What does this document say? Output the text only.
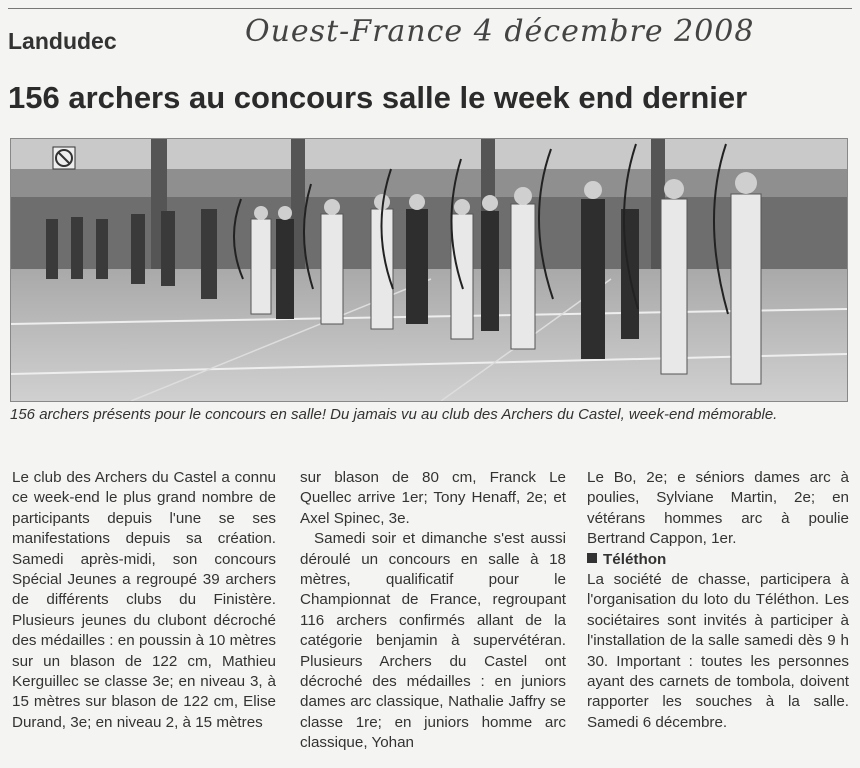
Landudec	Ouest-France 4 décembre 2008
156 archers au concours salle le week end dernier
156 archers présents pour le concours en salle! Du jamais vu au club des Archers du Castel, week-end mémorable.

Le club des Archers du Castel a connu ce week-end le plus grand nombre de participants depuis l'une se ses manifestations depuis sa création. Samedi après-midi, son concours Spécial Jeunes a regroupé 39 archers de différents clubs du Finistère. Plusieurs jeunes du clubont décroché des médailles : en poussin à 10 mètres sur un blason de 122 cm, Mathieu Kerguillec se classe 3e; en niveau 3, à 15 mètres sur blason de 122 cm, Elise Durand, 3e; en niveau 2, à 15 mètres

sur blason de 80 cm, Franck Le Quellec arrive 1er; Tony Henaff, 2e; et Axel Spinec, 3e.

Samedi soir et dimanche s'est aussi déroulé un concours en salle à 18 mètres, qualificatif pour le Championnat de France, regroupant 116 archers confirmés allant de la catégorie benjamin à supervétéran. Plusieurs Archers du Castel ont décroché des médailles : en juniors dames arc classique, Nathalie Jaffry se classe 1re; en juniors homme arc classique, Yohan

Le Bo, 2e; e séniors dames arc à poulies, Sylviane Martin, 2e; en vétérans hommes arc à poulie Bertrand Cappon, 1er.

Téléthon

La société de chasse, participera à l'organisation du loto du Téléthon. Les sociétaires sont invités à participer à l'installation de la salle samedi dès 9 h 30. Important : toutes les personnes ayant des carnets de tombola, doivent rapporter les souches à la salle. Samedi 6 décembre.
